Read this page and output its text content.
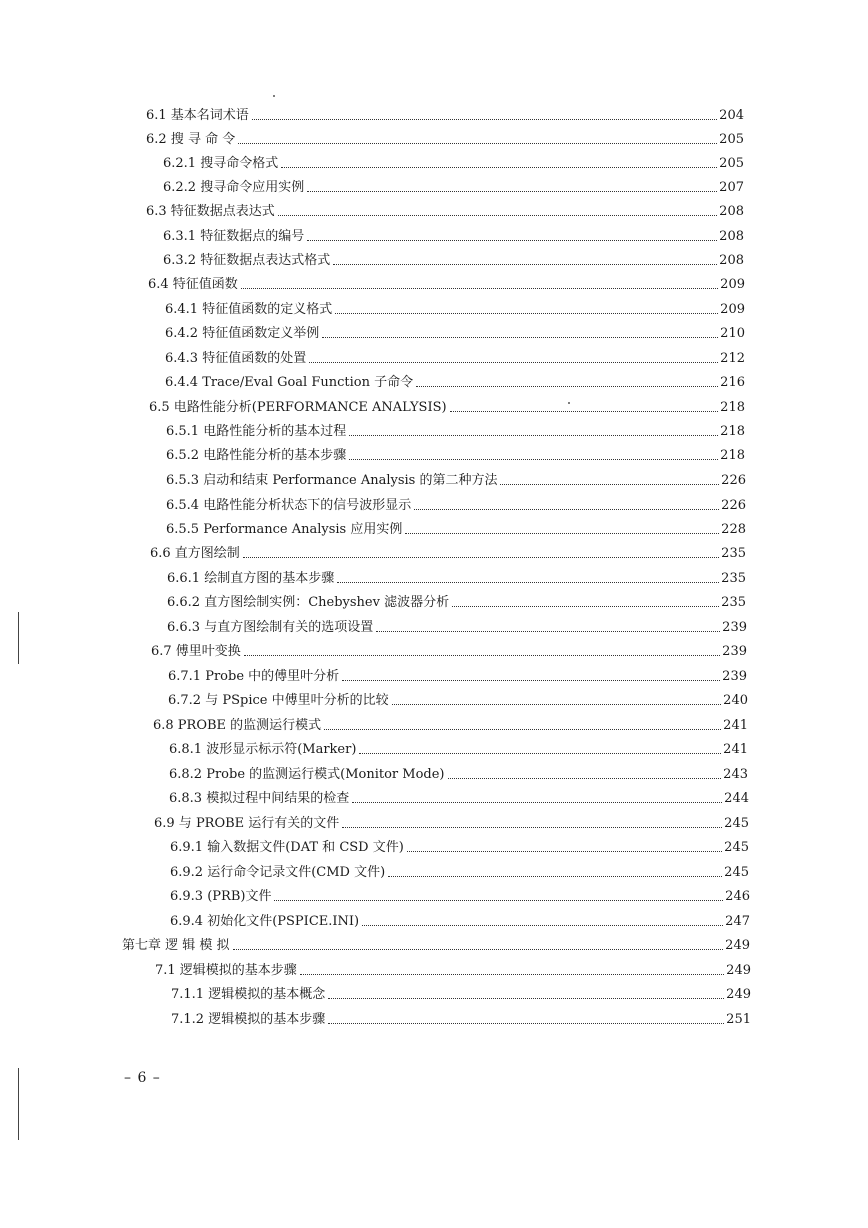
6.1 基本名词术语	204
6.2 搜 寻 命 令	205
6.2.1 搜寻命令格式	205
6.2.2 搜寻命令应用实例	207
6.3 特征数据点表达式	208
6.3.1 特征数据点的编号	208
6.3.2 特征数据点表达式格式	208
6.4 特征值函数	209
6.4.1 特征值函数的定义格式	209
6.4.2 特征值函数定义举例	210
6.4.3 特征值函数的处置	212
6.4.4 Trace/Eval Goal Function 子命令	216
6.5 电路性能分析(PERFORMANCE ANALYSIS)	218
6.5.1 电路性能分析的基本过程	218
6.5.2 电路性能分析的基本步骤	218
6.5.3 启动和结束 Performance Analysis 的第二种方法	226
6.5.4 电路性能分析状态下的信号波形显示	226
6.5.5 Performance Analysis 应用实例	228
6.6 直方图绘制	235
6.6.1 绘制直方图的基本步骤	235
6.6.2 直方图绘制实例：Chebyshev 滤波器分析	235
6.6.3 与直方图绘制有关的选项设置	239
6.7 傅里叶变换	239
6.7.1 Probe 中的傅里叶分析	239
6.7.2 与 PSpice 中傅里叶分析的比较	240
6.8 PROBE 的监测运行模式	241
6.8.1 波形显示标示符(Marker)	241
6.8.2 Probe 的监测运行模式(Monitor Mode)	243
6.8.3 模拟过程中间结果的检查	244
6.9 与 PROBE 运行有关的文件	245
6.9.1 输入数据文件(DAT 和 CSD 文件)	245
6.9.2 运行命令记录文件(CMD 文件)	245
6.9.3 (PRB)文件	246
6.9.4 初始化文件(PSPICE.INI)	247
第七章 逻 辑 模 拟	249
7.1 逻辑模拟的基本步骤	249
7.1.1 逻辑模拟的基本概念	249
7.1.2 逻辑模拟的基本步骤	251
– 6 –
